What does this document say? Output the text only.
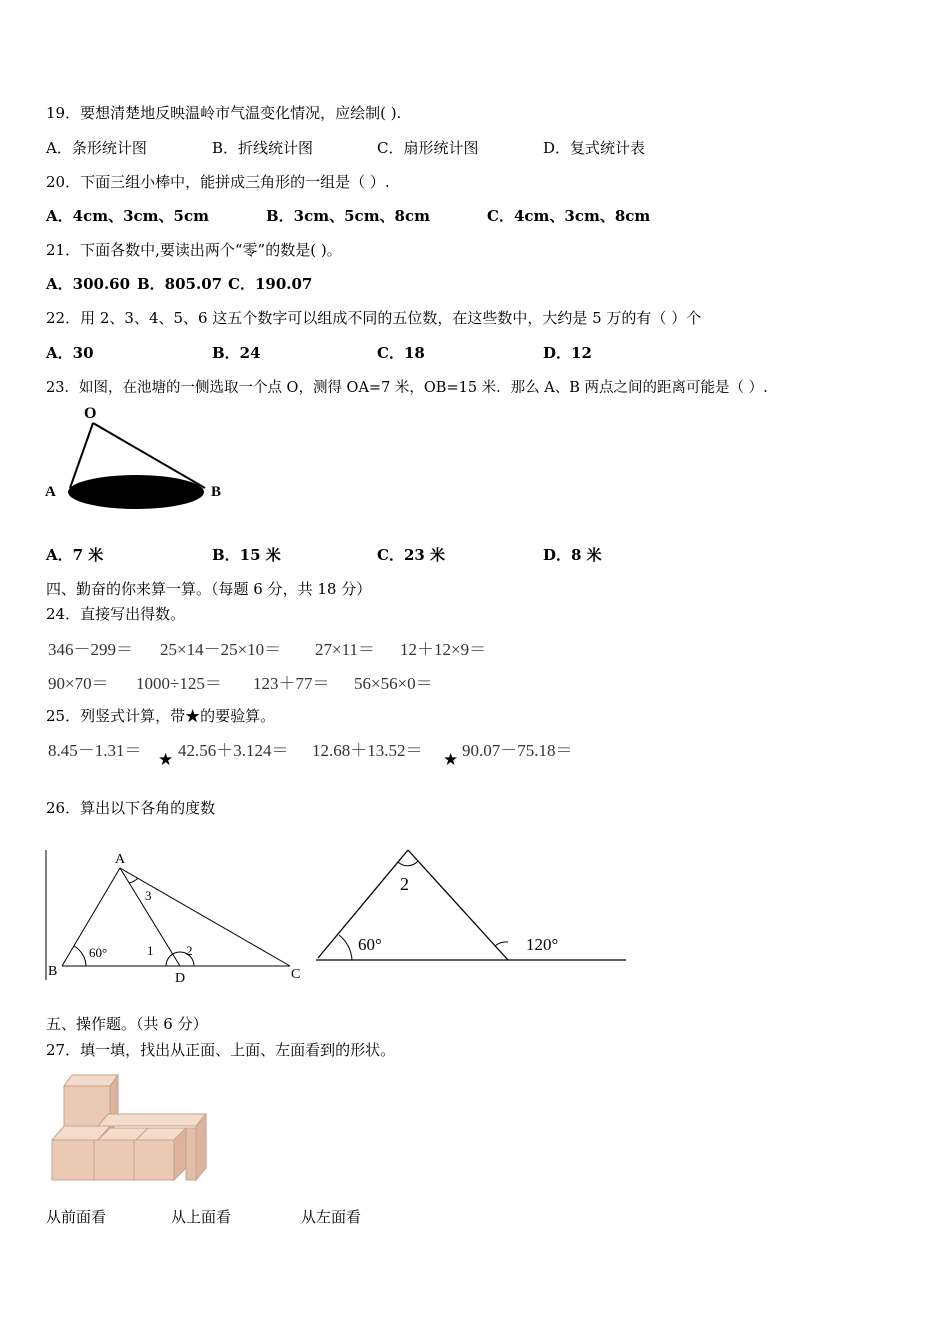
19．要想清楚地反映温岭市气温变化情况，应绘制( ).
A．条形统计图	B．折线统计图	C．扇形统计图	D．复式统计表
20．下面三组小棒中，能拼成三角形的一组是（ ）.
A．4cm、3cm、5cm	B．3cm、5cm、8cm	C．4cm、3cm、8cm
21．下面各数中,要读出两个“零”的数是( )。
A．300.60 B．805.07 C．190.07
22．用 2、3、4、5、6 这五个数字可以组成不同的五位数，在这些数中，大约是 5 万的有（ ）个
A．30	B．24	C．18	D．12
23．如图，在池塘的一侧选取一个点 O，测得 OA=7 米，OB=15 米．那么 A、B 两点之间的距离可能是（ ）.
O
A	B
A．7 米	B．15 米	C．23 米	D．8 米
四、勤奋的你来算一算。（每题 6 分，共 18 分）
24．直接写出得数。
346－299＝ 25×14－25×10＝ 27×11＝ 12＋12×9＝
90×70＝ 1000÷125＝ 123＋77＝ 56×56×0＝
25．列竖式计算，带★的要验算。
8.45－1.31＝ ★ 42.56＋3.124＝ 12.68＋13.52＝ ★ 90.07－75.18＝
26．算出以下各角的度数
A
B	C
D
60°	1	2
3
2
60°	120°
五、操作题。（共 6 分）
27．填一填，找出从正面、上面、左面看到的形状。
从前面看	从上面看	从左面看
